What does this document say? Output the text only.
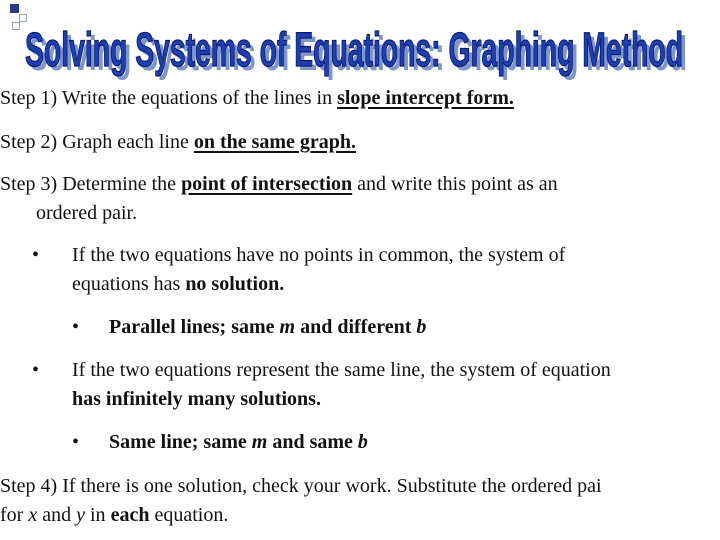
Solving Systems of Equations: Graphing Method
Solving Systems of Equations: Graphing Method
Step 1) Write the equations of the lines in slope intercept form.
Step 2) Graph each line on the same graph.
Step 3) Determine the point of intersection and write this point as an
ordered pair.
• If the two equations have no points in common, the system of
equations has no solution.
• Parallel lines; same m and different b
• If the two equations represent the same line, the system of equation
has infinitely many solutions.
• Same line; same m and same b
Step 4) If there is one solution, check your work. Substitute the ordered pai
for x and y in each equation.
